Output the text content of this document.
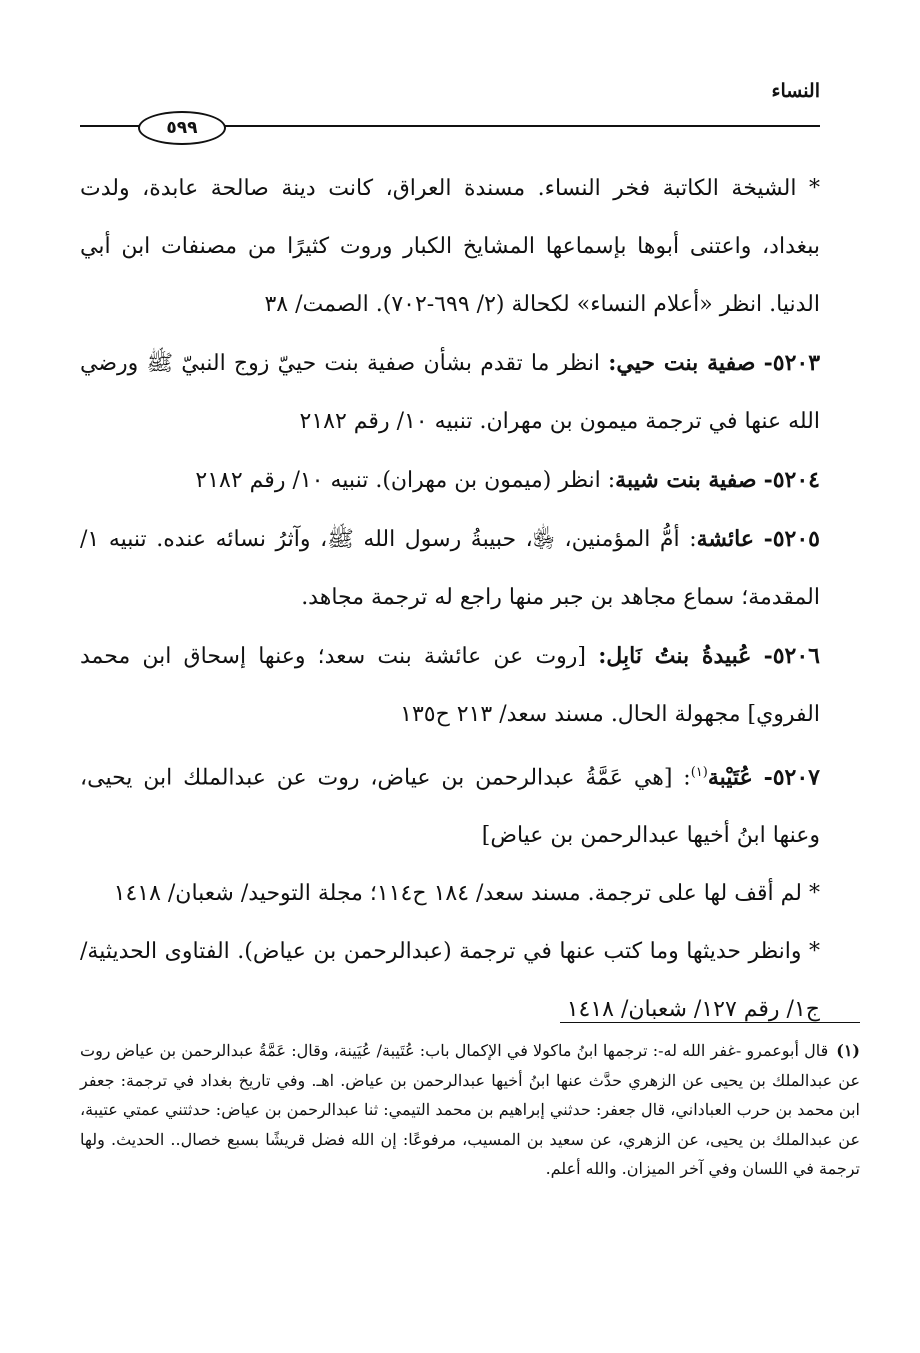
النساء
٥٩٩

* الشيخة الكاتبة فخر النساء. مسندة العراق، كانت دينة صالحة عابدة، ولدت ببغداد، واعتنى أبوها بإسماعها المشايخ الكبار وروت كثيرًا من مصنفات ابن أبي الدنيا. انظر «أعلام النساء» لكحالة (٢/ ٦٩٩-٧٠٢). الصمت/ ٣٨

٥٢٠٣- صفية بنت حيي: انظر ما تقدم بشأن صفية بنت حييّ زوج النبيّ ﷺ ورضي الله عنها في ترجمة ميمون بن مهران. تنبيه ١٠/ رقم ٢١٨٢

٥٢٠٤- صفية بنت شيبة: انظر (ميمون بن مهران). تنبيه ١٠/ رقم ٢١٨٢

٥٢٠٥- عائشة: أمُّ المؤمنين، ﵂، حبيبةُ رسول الله ﷺ، وآثرُ نسائه عنده. تنبيه ١/ المقدمة؛ سماع مجاهد بن جبر منها راجع له ترجمة مجاهد.

٥٢٠٦- عُبيدةُ بنتُ نَابِل: [روت عن عائشة بنت سعد؛ وعنها إسحاق ابن محمد الفروي] مجهولة الحال. مسند سعد/ ٢١٣ ح١٣٥

٥٢٠٧- عُتَيْبة$^{(١)}$: [هي عَمَّةُ عبدالرحمن بن عياض، روت عن عبدالملك ابن يحيى، وعنها ابنُ أخيها عبدالرحمن بن عياض]

* لم أقف لها على ترجمة. مسند سعد/ ١٨٤ ح١١٤؛ مجلة التوحيد/ شعبان/ ١٤١٨

* وانظر حديثها وما كتب عنها في ترجمة (عبدالرحمن بن عياض). الفتاوى الحديثية/ ج١/ رقم ١٢٧/ شعبان/ ١٤١٨

(١)قال أبوعمرو -غفر الله له-: ترجمها ابنُ ماكولا في الإكمال باب: عُتَيبة/ عُيَينة، وقال: عَمَّةُ عبدالرحمن بن عياض روت عن عبدالملك بن يحيى عن الزهري حدَّث عنها ابنُ أخيها عبدالرحمن بن عياض. اهـ. وفي تاريخ بغداد في ترجمة: جعفر ابن محمد بن حرب العباداني، قال جعفر: حدثني إبراهيم بن محمد التيمي: ثنا عبدالرحمن بن عياض: حدثتني عمتي عتيبة، عن عبدالملك بن يحيى، عن الزهري، عن سعيد بن المسيب، مرفوعًا: إن الله فضل قريشًا بسبع خصال.. الحديث. ولها ترجمة في اللسان وفي آخر الميزان. والله أعلم.
